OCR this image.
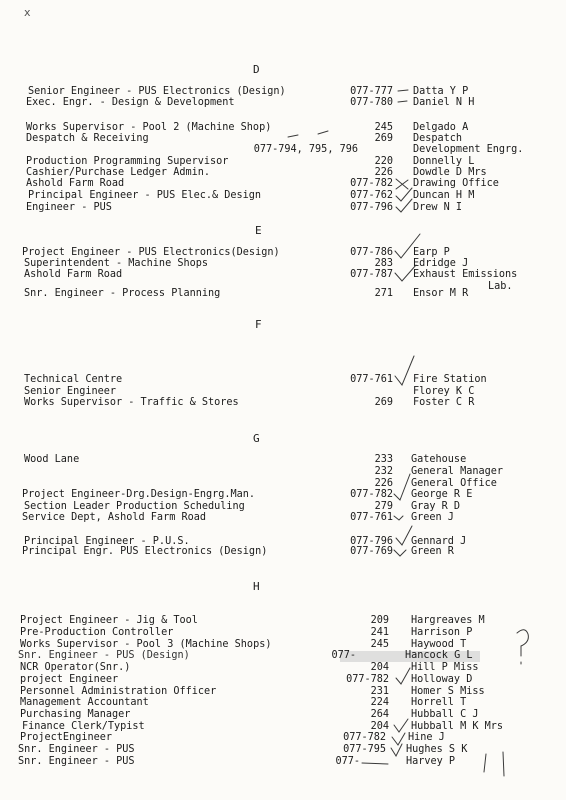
x
D
Senior Engineer - PUS Electronics (Design)	077-777 Datta Y P
Exec. Engr. - Design & Development	077-780 Daniel N H
Works Supervisor - Pool 2 (Machine Shop)	245 Delgado A
Despatch & Receiving	269 Despatch
077-794, 795, 796	Development Engrg.
Production Programming Supervisor	220 Donnelly L
Cashier/Purchase Ledger Admin.	226 Dowdle D Mrs
Ashold Farm Road	077-782 Drawing Office
Principal Engineer - PUS Elec.& Design	077-762 Duncan H M
Engineer - PUS	077-796 Drew N I
E
Project Engineer - PUS Electronics(Design)	077-786 Earp P
Superintendent - Machine Shops	283 Edridge J
Ashold Farm Road	077-787 Exhaust Emissions
Lab.
Snr. Engineer - Process Planning	271 Ensor M R
F
Technical Centre	077-761 Fire Station
Senior Engineer	Florey K C
Works Supervisor - Traffic & Stores	269 Foster C R
G
Wood Lane	233 Gatehouse
232 General Manager
226 General Office
Project Engineer-Drg.Design-Engrg.Man.	077-782 George R E
Section Leader Production Scheduling	279 Gray R D
Service Dept, Ashold Farm Road	077-761 Green J
Principal Engineer - P.U.S.	077-796 Gennard J
Principal Engr. PUS Electronics (Design)	077-769 Green R
H
Project Engineer - Jig & Tool	209 Hargreaves M
Pre-Production Controller	241 Harrison P
Works Supervisor - Pool 3 (Machine Shops)	245 Haywood T
Snr. Engineer - PUS (Design)	077-	Hancock G L
NCR Operator(Snr.)	204 Hill P Miss
project Engineer	077-782 Holloway D
Personnel Administration Officer	231 Homer S Miss
Management Accountant	224 Horrell T
Purchasing Manager	264 Hubball C J
Finance Clerk/Typist	204 Hubball M K Mrs
ProjectEngineer	077-782 Hine J
Snr. Engineer - PUS	077-795 Hughes S K
Snr. Engineer - PUS	077-	Harvey P
